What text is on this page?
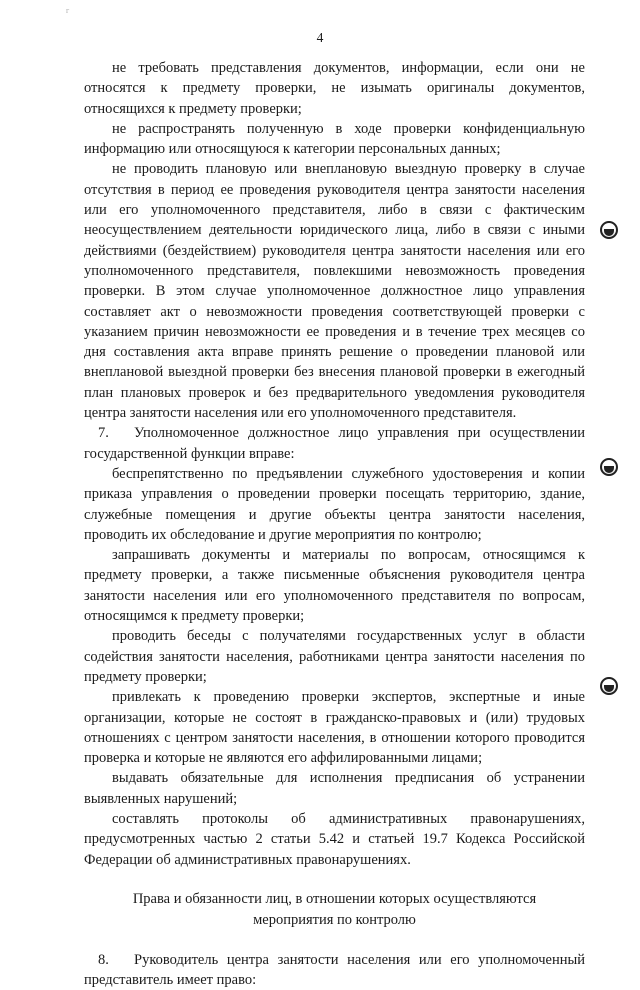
г
4

не требовать представления документов, информации, если они не относятся к предмету проверки, не изымать оригиналы документов, относящихся к предмету проверки;

не распространять полученную в ходе проверки конфиденциальную информацию или относящуюся к категории персональных данных;

не проводить плановую или внеплановую выездную проверку в случае отсутствия в период ее проведения руководителя центра занятости населения или его уполномоченного представителя, либо в связи с фактическим неосуществлением деятельности юридического лица, либо в связи с иными действиями (бездействием) руководителя центра занятости населения или его уполномоченного представителя, повлекшими невозможность проведения проверки. В этом случае уполномоченное должностное лицо управления составляет акт о невозможности проведения соответствующей проверки с указанием причин невозможности ее проведения и в течение трех месяцев со дня составления акта вправе принять решение о проведении плановой или внеплановой выездной проверки без внесения плановой проверки в ежегодный план плановых проверок и без предварительного уведомления руководителя центра занятости населения или его уполномоченного представителя.

7. Уполномоченное должностное лицо управления при осуществлении государственной функции вправе:

беспрепятственно по предъявлении служебного удостоверения и копии приказа управления о проведении проверки посещать территорию, здание, служебные помещения и другие объекты центра занятости населения, проводить их обследование и другие мероприятия по контролю;

запрашивать документы и материалы по вопросам, относящимся к предмету проверки, а также письменные объяснения руководителя центра занятости населения или его уполномоченного представителя по вопросам, относящимся к предмету проверки;

проводить беседы с получателями государственных услуг в области содействия занятости населения, работниками центра занятости населения по предмету проверки;

привлекать к проведению проверки экспертов, экспертные и иные организации, которые не состоят в гражданско-правовых и (или) трудовых отношениях с центром занятости населения, в отношении которого проводится проверка и которые не являются его аффилированными лицами;

выдавать обязательные для исполнения предписания об устранении выявленных нарушений;

составлять протоколы об административных правонарушениях, предусмотренных частью 2 статьи 5.42 и статьей 19.7 Кодекса Российской Федерации об административных правонарушениях.

Права и обязанности лиц, в отношении которых осуществляются
мероприятия по контролю

8. Руководитель центра занятости населения или его уполномоченный представитель имеет право:
